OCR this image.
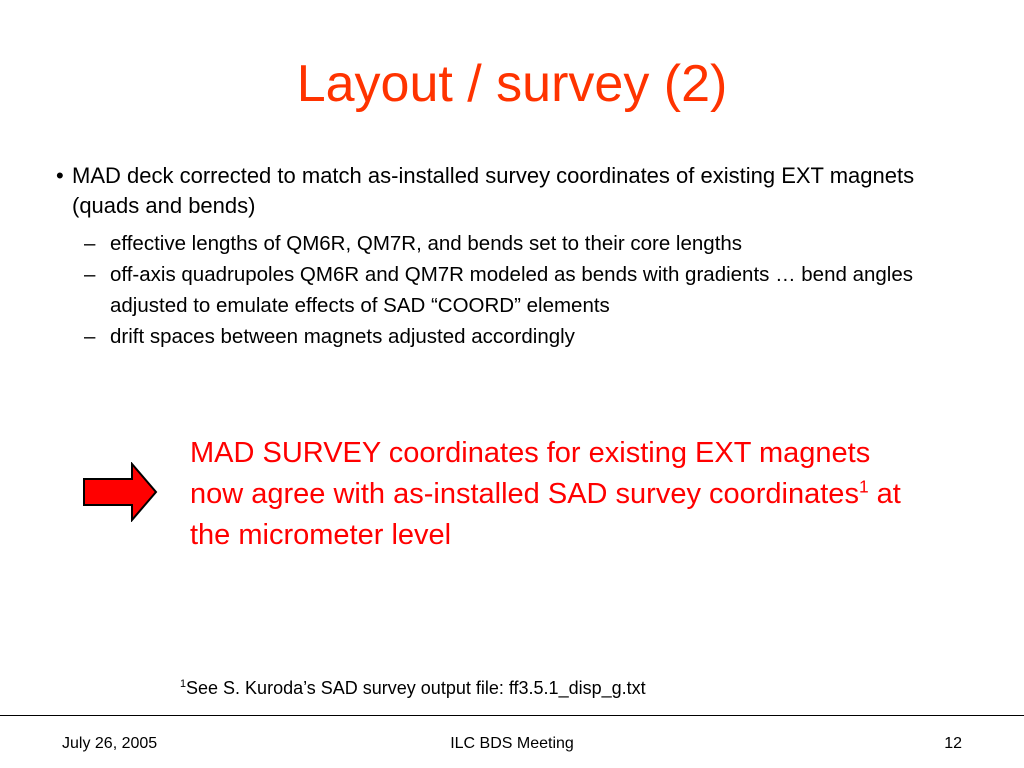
Layout / survey (2)
• MAD deck corrected to match as-installed survey coordinates of existing EXT magnets (quads and bends)
– effective lengths of QM6R, QM7R, and bends set to their core lengths
– off-axis quadrupoles QM6R and QM7R modeled as bends with gradients … bend angles adjusted to emulate effects of SAD “COORD” elements
– drift spaces between magnets adjusted accordingly
MAD SURVEY coordinates for existing EXT magnets now agree with as-installed SAD survey coordinates$^1$ at the micrometer level
$^1$See S. Kuroda’s SAD survey output file: ff3.5.1_disp_g.txt
July 26, 2005	ILC BDS Meeting	12
